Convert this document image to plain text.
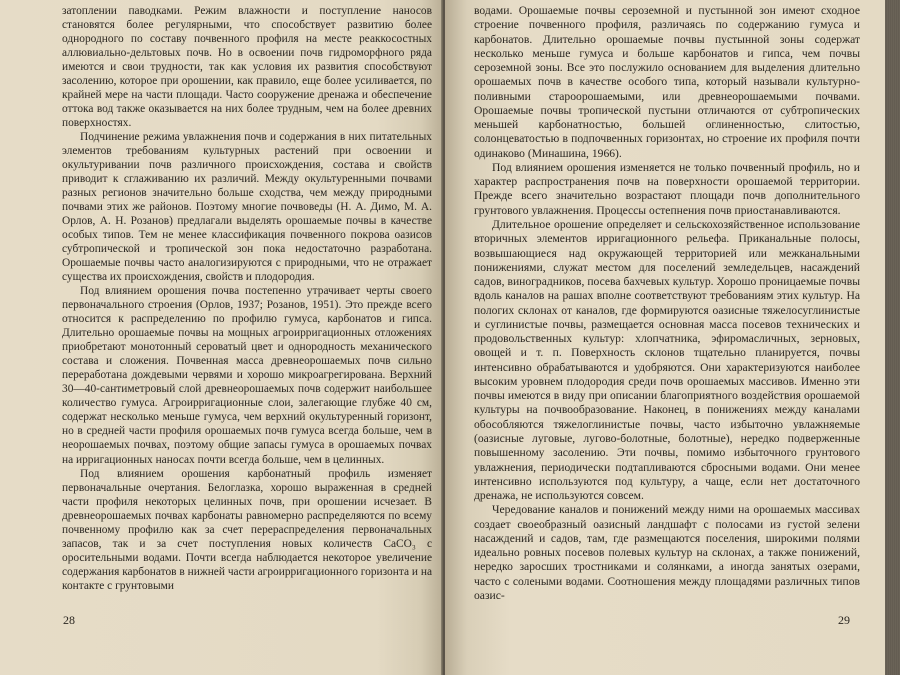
затоплении паводками. Режим влажности и поступление наносов становятся более регулярными, что способствует развитию более однородного по составу почвенного профиля на месте реаккосостных аллювиально-дельтовых почв. Но в освоении почв гидроморфного ряда имеются и свои трудности, так как условия их развития способствуют засолению, которое при орошении, как правило, еще более усиливается, по крайней мере на части площади. Часто сооружение дренажа и обеспечение оттока вод также оказывается на них более трудным, чем на более древних поверхностях.

Подчинение режима увлажнения почв и содержания в них питательных элементов требованиям культурных растений при освоении и окультуривании почв различного происхождения, состава и свойств приводит к сглаживанию их различий. Между окультуренными почвами разных регионов значительно больше сходства, чем между природными почвами этих же районов. Поэтому многие почвоведы (Н. А. Димо, М. А. Орлов, А. Н. Розанов) предлагали выделять орошаемые почвы в качестве особых типов. Тем не менее классификация почвенного покрова оазисов субтропической и тропической зон пока недостаточно разработана. Орошаемые почвы часто аналогизируются с природными, что не отражает существа их происхождения, свойств и плодородия.

Под влиянием орошения почва постепенно утрачивает черты своего первоначального строения (Орлов, 1937; Розанов, 1951). Это прежде всего относится к распределению по профилю гумуса, карбонатов и гипса. Длительно орошаемые почвы на мощных агроирригационных отложениях приобретают монотонный сероватый цвет и однородность механического состава и сложения. Почвенная масса древнеорошаемых почв сильно переработана дождевыми червями и хорошо микроагрегирована. Верхний 30—40-сантиметровый слой древнеорошаемых почв содержит наибольшее количество гумуса. Агроирригационные слои, залегающие глубже 40 см, содержат несколько меньше гумуса, чем верхний окультуренный горизонт, но в средней части профиля орошаемых почв гумуса всегда больше, чем в неорошаемых почвах, поэтому общие запасы гумуса в орошаемых почвах на ирригационных наносах почти всегда больше, чем в целинных.

Под влиянием орошения карбонатный профиль изменяет первоначальные очертания. Белоглазка, хорошо выраженная в средней части профиля некоторых целинных почв, при орошении исчезает. В древнеорошаемых почвах карбонаты равномерно распределяются по всему почвенному профилю как за счет перераспределения первоначальных запасов, так и за счет поступления новых количеств CaCO₃ с оросительными водами. Почти всегда наблюдается некоторое увеличение содержания карбонатов в нижней части агроирригационного горизонта и на контакте с грунтовыми

28

водами. Орошаемые почвы сероземной и пустынной зон имеют сходное строение почвенного профиля, различаясь по содержанию гумуса и карбонатов. Длительно орошаемые почвы пустынной зоны содержат несколько меньше гумуса и больше карбонатов и гипса, чем почвы сероземной зоны. Все это послужило основанием для выделения длительно орошаемых почв в качестве особого типа, который называли культурно-поливными староорошаемыми, или древнеорошаемыми почвами. Орошаемые почвы тропической пустыни отличаются от субтропических меньшей карбонатностью, большей оглиненностью, слитостью, солонцеватостью в подпочвенных горизонтах, но строение их профиля почти одинаково (Минашина, 1966).

Под влиянием орошения изменяется не только почвенный профиль, но и характер распространения почв на поверхности орошаемой территории. Прежде всего значительно возрастают площади почв дополнительного грунтового увлажнения. Процессы остепнения почв приостанавливаются.

Длительное орошение определяет и сельскохозяйственное использование вторичных элементов ирригационного рельефа. Приканальные полосы, возвышающиеся над окружающей территорией или межканальными понижениями, служат местом для поселений земледельцев, насаждений садов, виноградников, посева бахчевых культур. Хорошо проницаемые почвы вдоль каналов на рашах вполне соответствуют требованиям этих культур. На пологих склонах от каналов, где формируются оазисные тяжелосуглинистые и суглинистые почвы, размещается основная масса посевов технических и продовольственных культур: хлопчатника, эфиромасличных, зерновых, овощей и т. п. Поверхность склонов тщательно планируется, почвы интенсивно обрабатываются и удобряются. Они характеризуются наиболее высоким уровнем плодородия среди почв орошаемых массивов. Именно эти почвы имеются в виду при описании благоприятного воздействия орошаемой культуры на почвообразование. Наконец, в понижениях между каналами обособляются тяжелоглинистые почвы, часто избыточно увлажняемые (оазисные луговые, лугово-болотные, болотные), нередко подверженные повышенному засолению. Эти почвы, помимо избыточного грунтового увлажнения, периодически подтапливаются сбросными водами. Они менее интенсивно используются под культуру, а чаще, если нет достаточного дренажа, не используются совсем.

Чередование каналов и понижений между ними на орошаемых массивах создает своеобразный оазисный ландшафт с полосами из густой зелени насаждений и садов, там, где размещаются поселения, широкими полями идеально ровных посевов полевых культур на склонах, а также понижений, нередко заросших тростниками и солянками, а иногда занятых озерами, часто с солеными водами. Соотношения между площадями различных типов оазис-

29
